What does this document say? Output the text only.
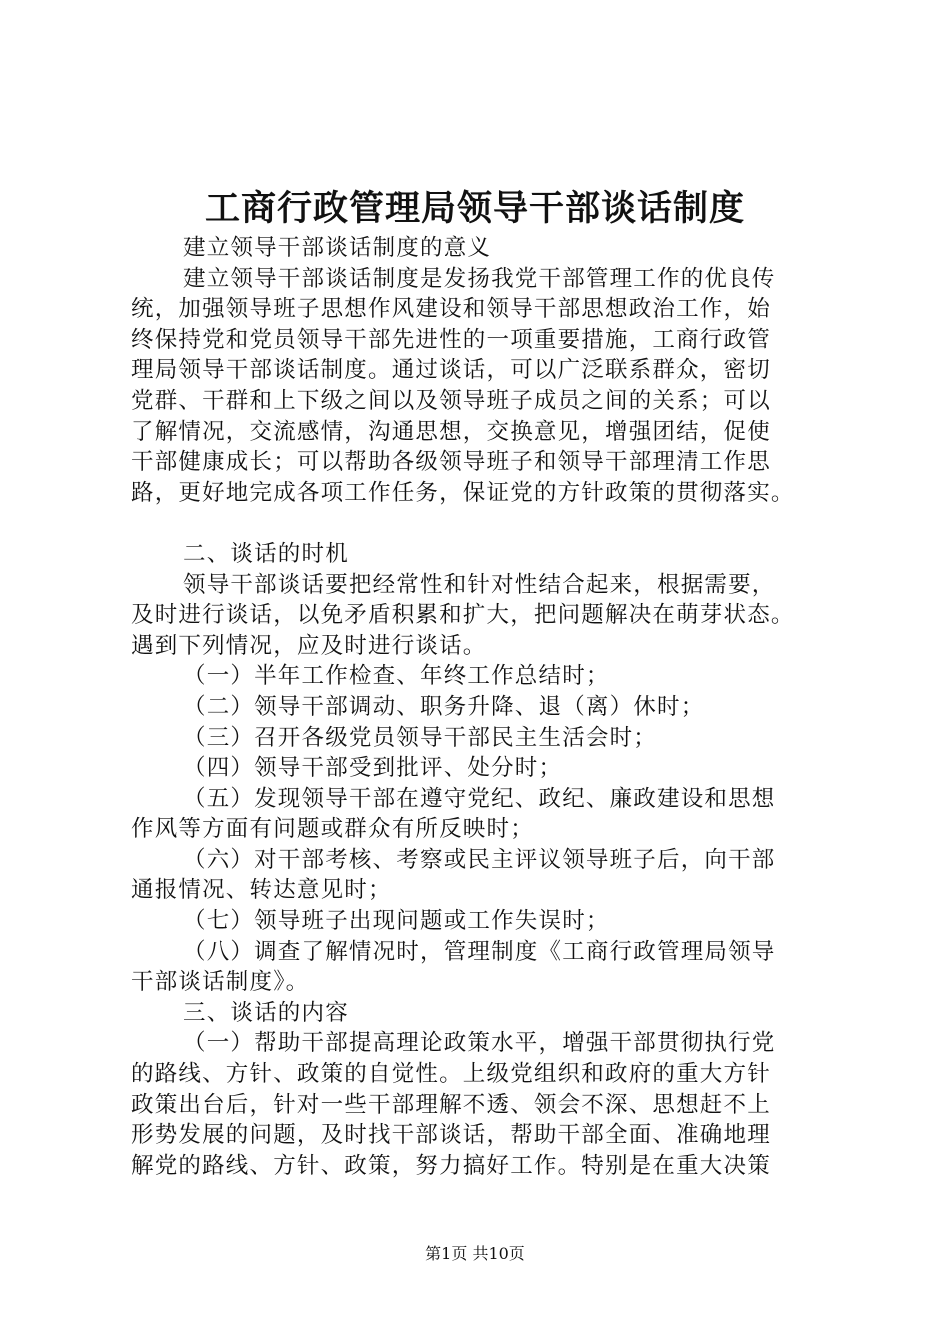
工商行政管理局领导干部谈话制度
建立领导干部谈话制度的意义
建立领导干部谈话制度是发扬我党干部管理工作的优良传
统，加强领导班子思想作风建设和领导干部思想政治工作，始
终保持党和党员领导干部先进性的一项重要措施，工商行政管
理局领导干部谈话制度。通过谈话，可以广泛联系群众，密切
党群、干群和上下级之间以及领导班子成员之间的关系；可以
了解情况，交流感情，沟通思想，交换意见，增强团结，促使
干部健康成长；可以帮助各级领导班子和领导干部理清工作思
路，更好地完成各项工作任务，保证党的方针政策的贯彻落实。
二、谈话的时机
领导干部谈话要把经常性和针对性结合起来，根据需要，
及时进行谈话，以免矛盾积累和扩大，把问题解决在萌芽状态。
遇到下列情况，应及时进行谈话。
（一）半年工作检查、年终工作总结时；
（二）领导干部调动、职务升降、退（离）休时；
（三）召开各级党员领导干部民主生活会时；
（四）领导干部受到批评、处分时；
（五）发现领导干部在遵守党纪、政纪、廉政建设和思想
作风等方面有问题或群众有所反映时；
（六）对干部考核、考察或民主评议领导班子后，向干部
通报情况、转达意见时；
（七）领导班子出现问题或工作失误时；
（八）调查了解情况时，管理制度《工商行政管理局领导
干部谈话制度》。
三、谈话的内容
（一）帮助干部提高理论政策水平，增强干部贯彻执行党
的路线、方针、政策的自觉性。上级党组织和政府的重大方针
政策出台后，针对一些干部理解不透、领会不深、思想赶不上
形势发展的问题，及时找干部谈话，帮助干部全面、准确地理
解党的路线、方针、政策，努力搞好工作。特别是在重大决策
第1页 共10页
